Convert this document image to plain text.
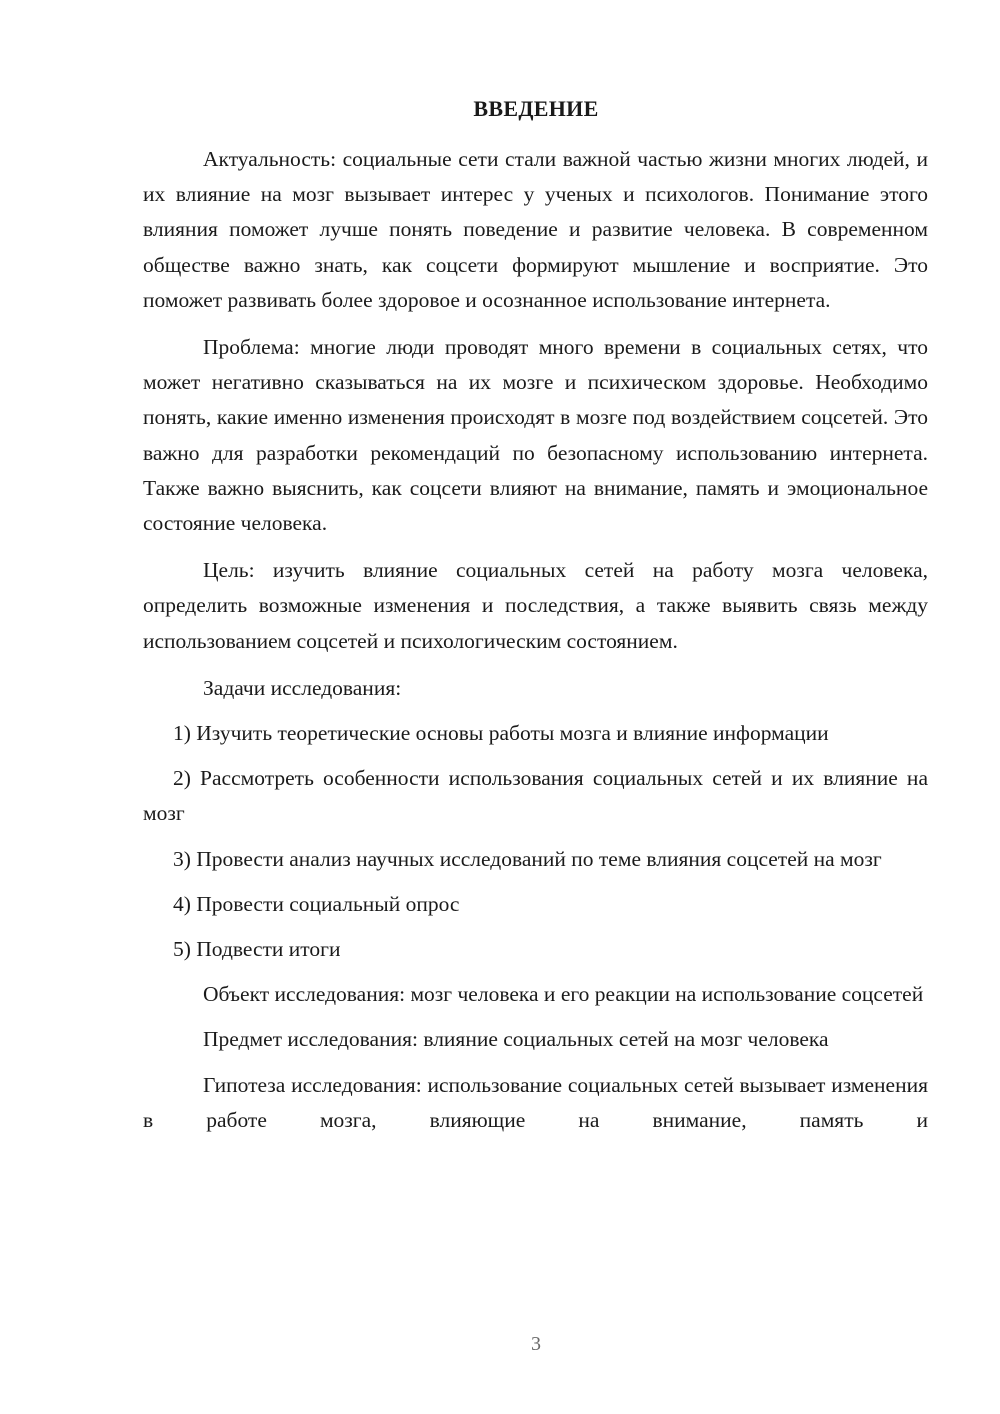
ВВЕДЕНИЕ

Актуальность: социальные сети стали важной частью жизни многих людей, и их влияние на мозг вызывает интерес у ученых и психологов. Понимание этого влияния поможет лучше понять поведение и развитие человека. В современном обществе важно знать, как соцсети формируют мышление и восприятие. Это поможет развивать более здоровое и осознанное использование интернета.

Проблема: многие люди проводят много времени в социальных сетях, что может негативно сказываться на их мозге и психическом здоровье. Необходимо понять, какие именно изменения происходят в мозге под воздействием соцсетей. Это важно для разработки рекомендаций по безопасному использованию интернета. Также важно выяснить, как соцсети влияют на внимание, память и эмоциональное состояние человека.

Цель: изучить влияние социальных сетей на работу мозга человека, определить возможные изменения и последствия, а также выявить связь между использованием соцсетей и психологическим состоянием.

Задачи исследования:

1) Изучить теоретические основы работы мозга и влияние информации

2) Рассмотреть особенности использования социальных сетей и их влияние на мозг

3) Провести анализ научных исследований по теме влияния соцсетей на мозг

4) Провести социальный опрос

5) Подвести итоги

Объект исследования: мозг человека и его реакции на использование соцсетей

Предмет исследования: влияние социальных сетей на мозг человека

Гипотеза исследования: использование социальных сетей вызывает изменения в работе мозга, влияющие на внимание, память и

3
